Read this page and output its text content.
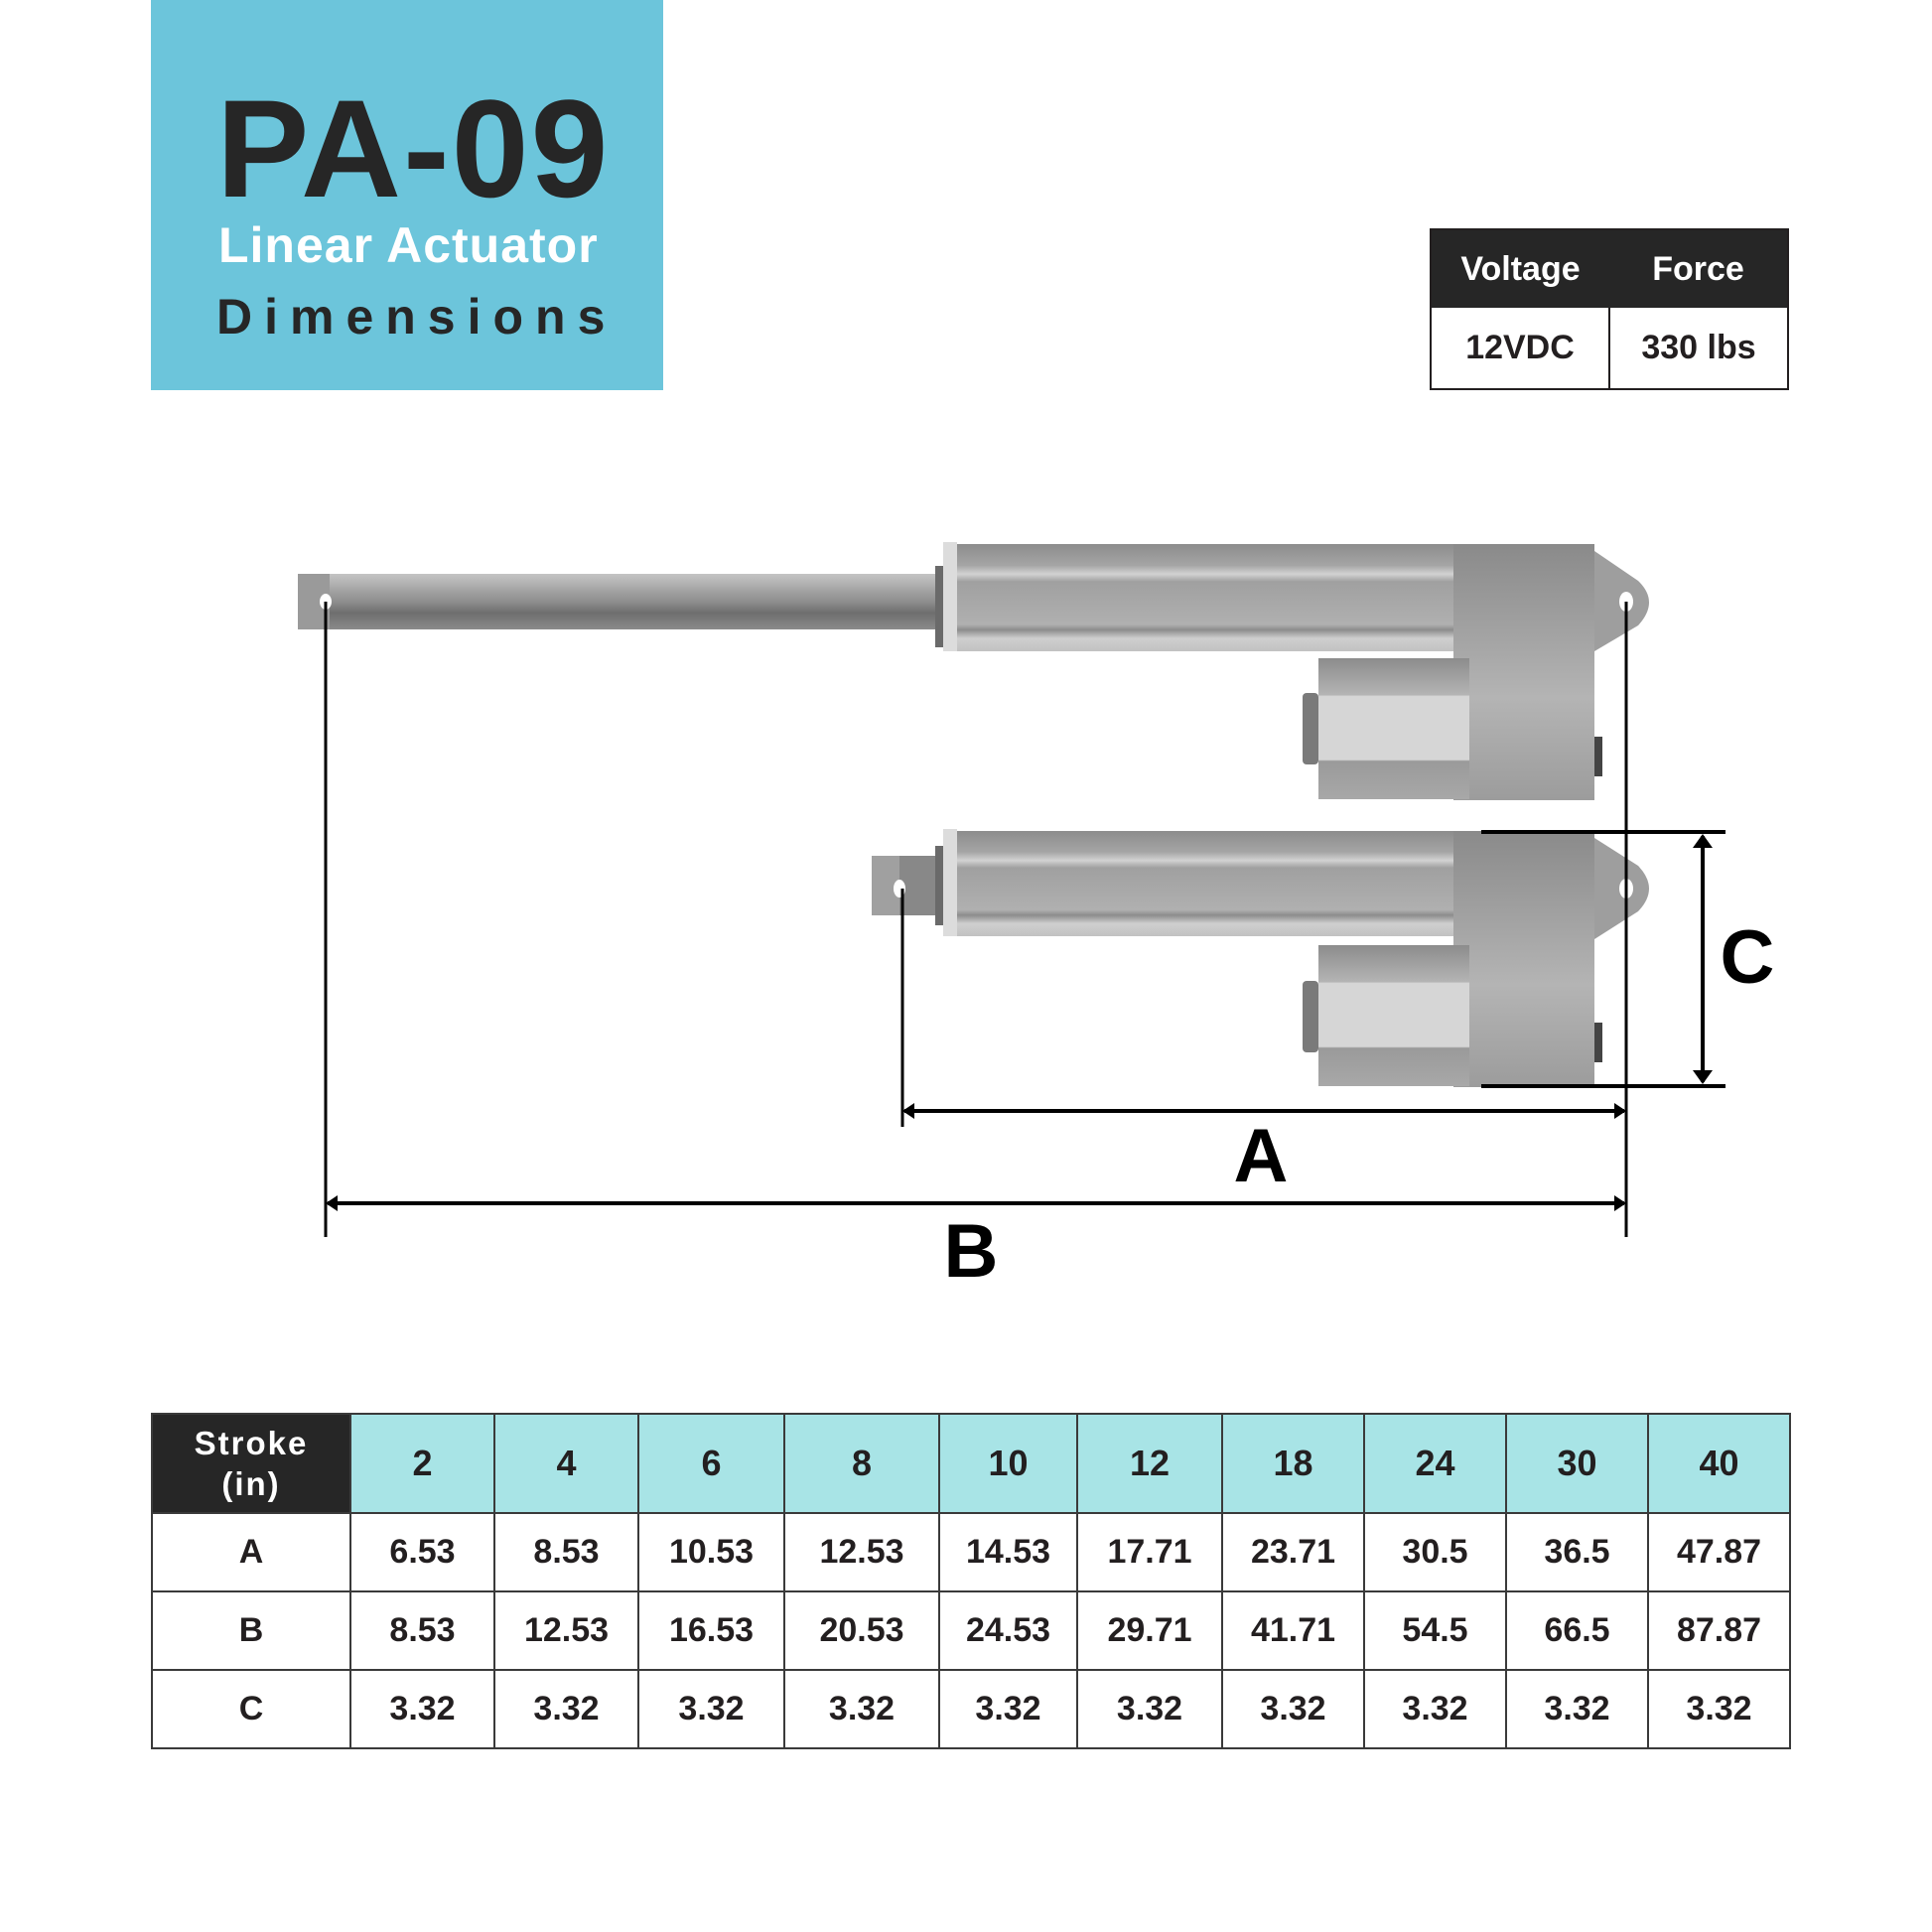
PA-09
Linear Actuator
Dimensions
Voltage	Force
12VDC	330 lbs
A
B
C
Stroke
(in)	2	4	6	8	10	12	18	24	30	40
A	6.53	8.53	10.53	12.53	14.53	17.71	23.71	30.5	36.5	47.87
B	8.53	12.53	16.53	20.53	24.53	29.71	41.71	54.5	66.5	87.87
C	3.32	3.32	3.32	3.32	3.32	3.32	3.32	3.32	3.32	3.32
